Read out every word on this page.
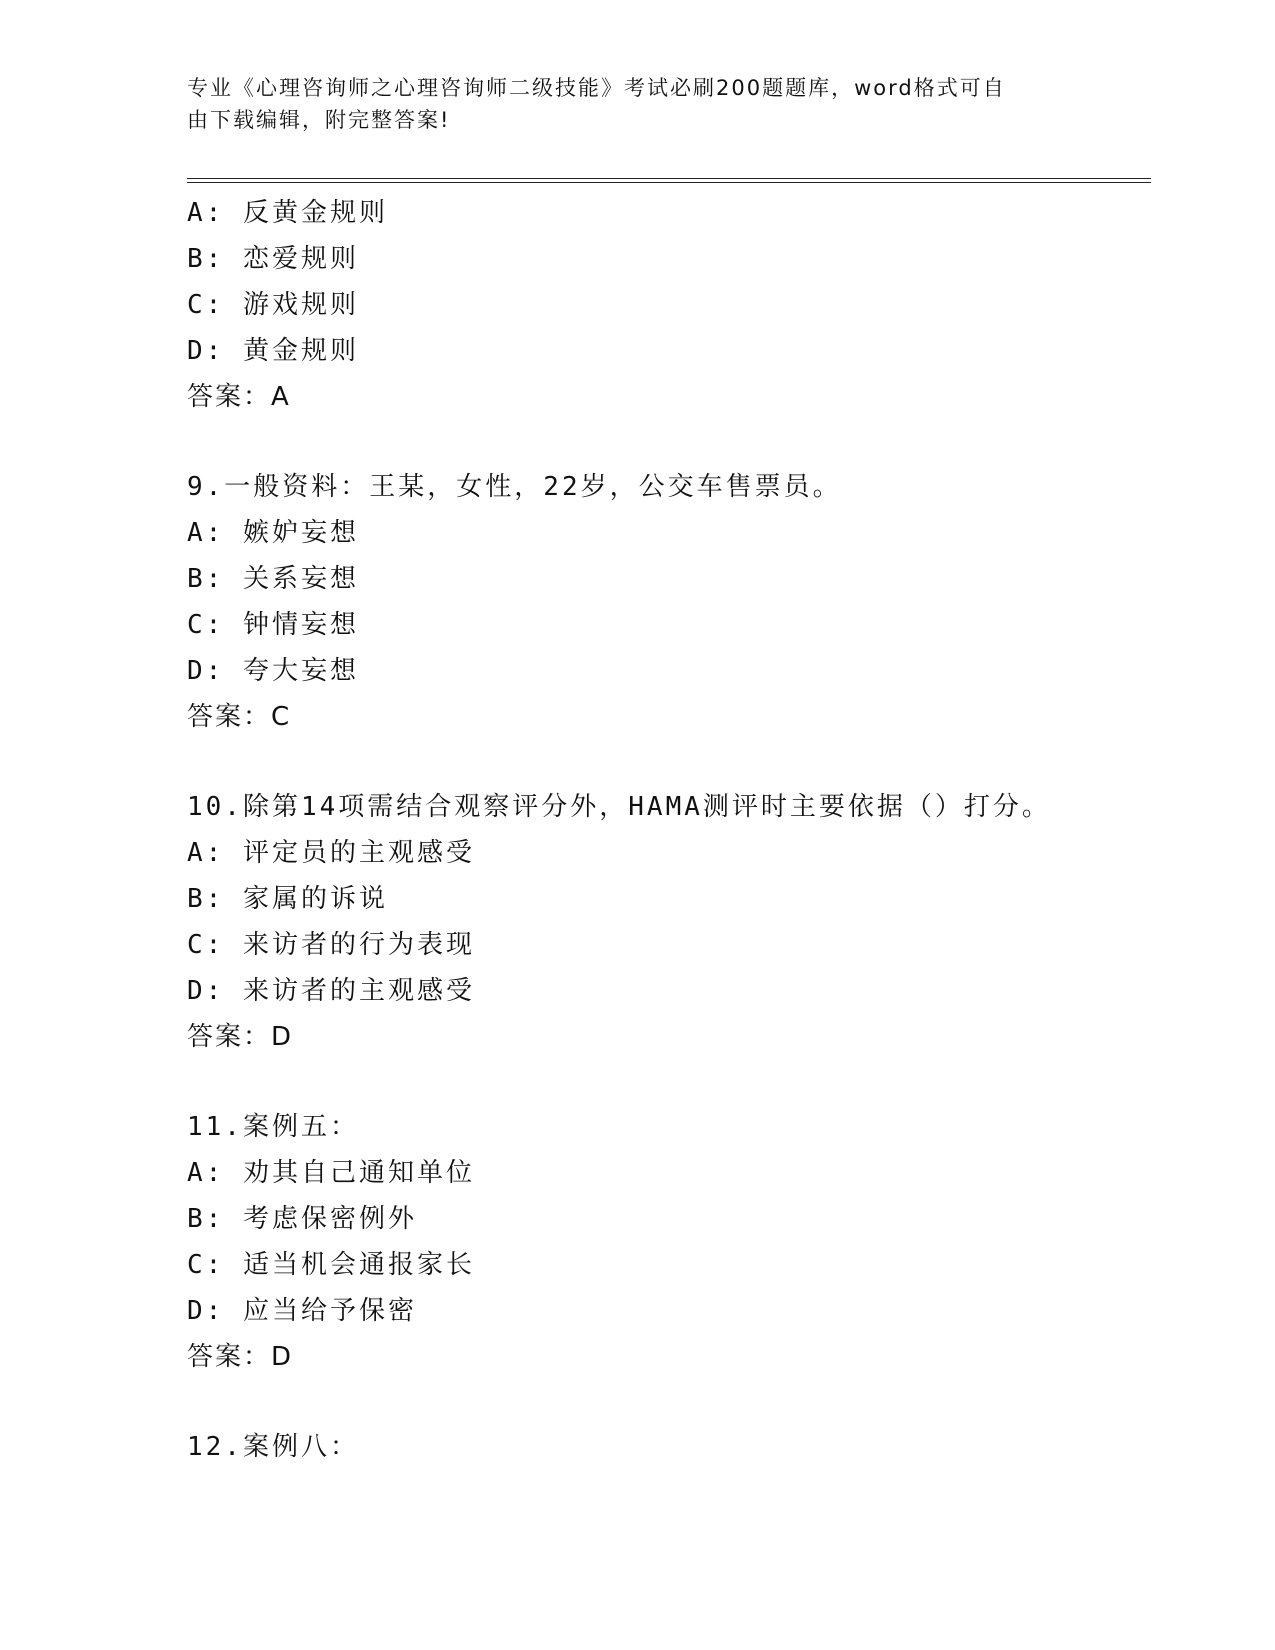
专业《心理咨询师之心理咨询师二级技能》考试必刷200题题库，word格式可自
由下载编辑，附完整答案!
A: 反黄金规则
B: 恋爱规则
C: 游戏规则
D: 黄金规则
答案：A
9.一般资料：王某，女性，22岁，公交车售票员。
A: 嫉妒妄想
B: 关系妄想
C: 钟情妄想
D: 夸大妄想
答案：C
10.除第14项需结合观察评分外，HAMA测评时主要依据（）打分。
A: 评定员的主观感受
B: 家属的诉说
C: 来访者的行为表现
D: 来访者的主观感受
答案：D
11.案例五：
A: 劝其自己通知单位
B: 考虑保密例外
C: 适当机会通报家长
D: 应当给予保密
答案：D
12.案例八：
